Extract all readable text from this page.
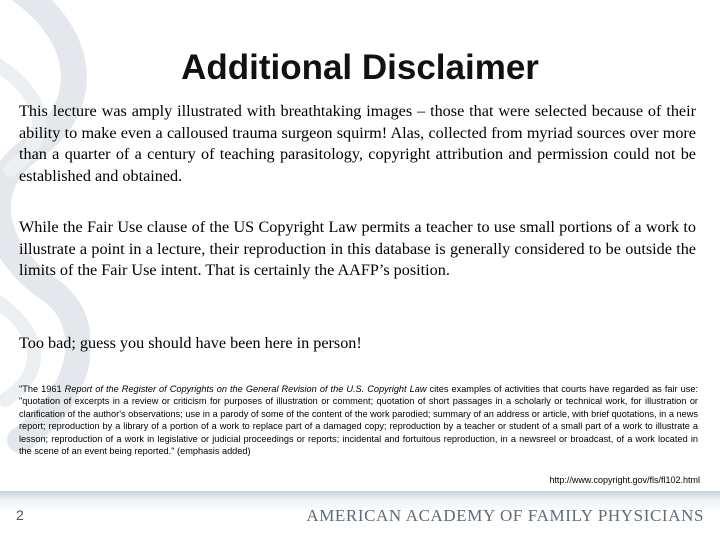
Additional Disclaimer

This lecture was amply illustrated with breathtaking images – those that were selected because of their ability to make even a calloused trauma surgeon squirm! Alas, collected from myriad sources over more than a quarter of a century of teaching parasitology, copyright attribution and permission could not be established and obtained.

While the Fair Use clause of the US Copyright Law permits a teacher to use small portions of a work to illustrate a point in a lecture, their reproduction in this database is generally considered to be outside the limits of the Fair Use intent. That is certainly the AAFP’s position.

Too bad; guess you should have been here in person!

"The 1961 Report of the Register of Copyrights on the General Revision of the U.S. Copyright Law cites examples of activities that courts have regarded as fair use: "quotation of excerpts in a review or criticism for purposes of illustration or comment; quotation of short passages in a scholarly or technical work, for illustration or clarification of the author's observations; use in a parody of some of the content of the work parodied; summary of an address or article, with brief quotations, in a news report; reproduction by a library of a portion of a work to replace part of a damaged copy; reproduction by a teacher or student of a small part of a work to illustrate a lesson; reproduction of a work in legislative or judicial proceedings or reports; incidental and fortuitous reproduction, in a newsreel or broadcast, of a work located in the scene of an event being reported." (emphasis added)

http://www.copyright.gov/fls/fl102.html
2	AMERICAN ACADEMY OF FAMILY PHYSICIANS
